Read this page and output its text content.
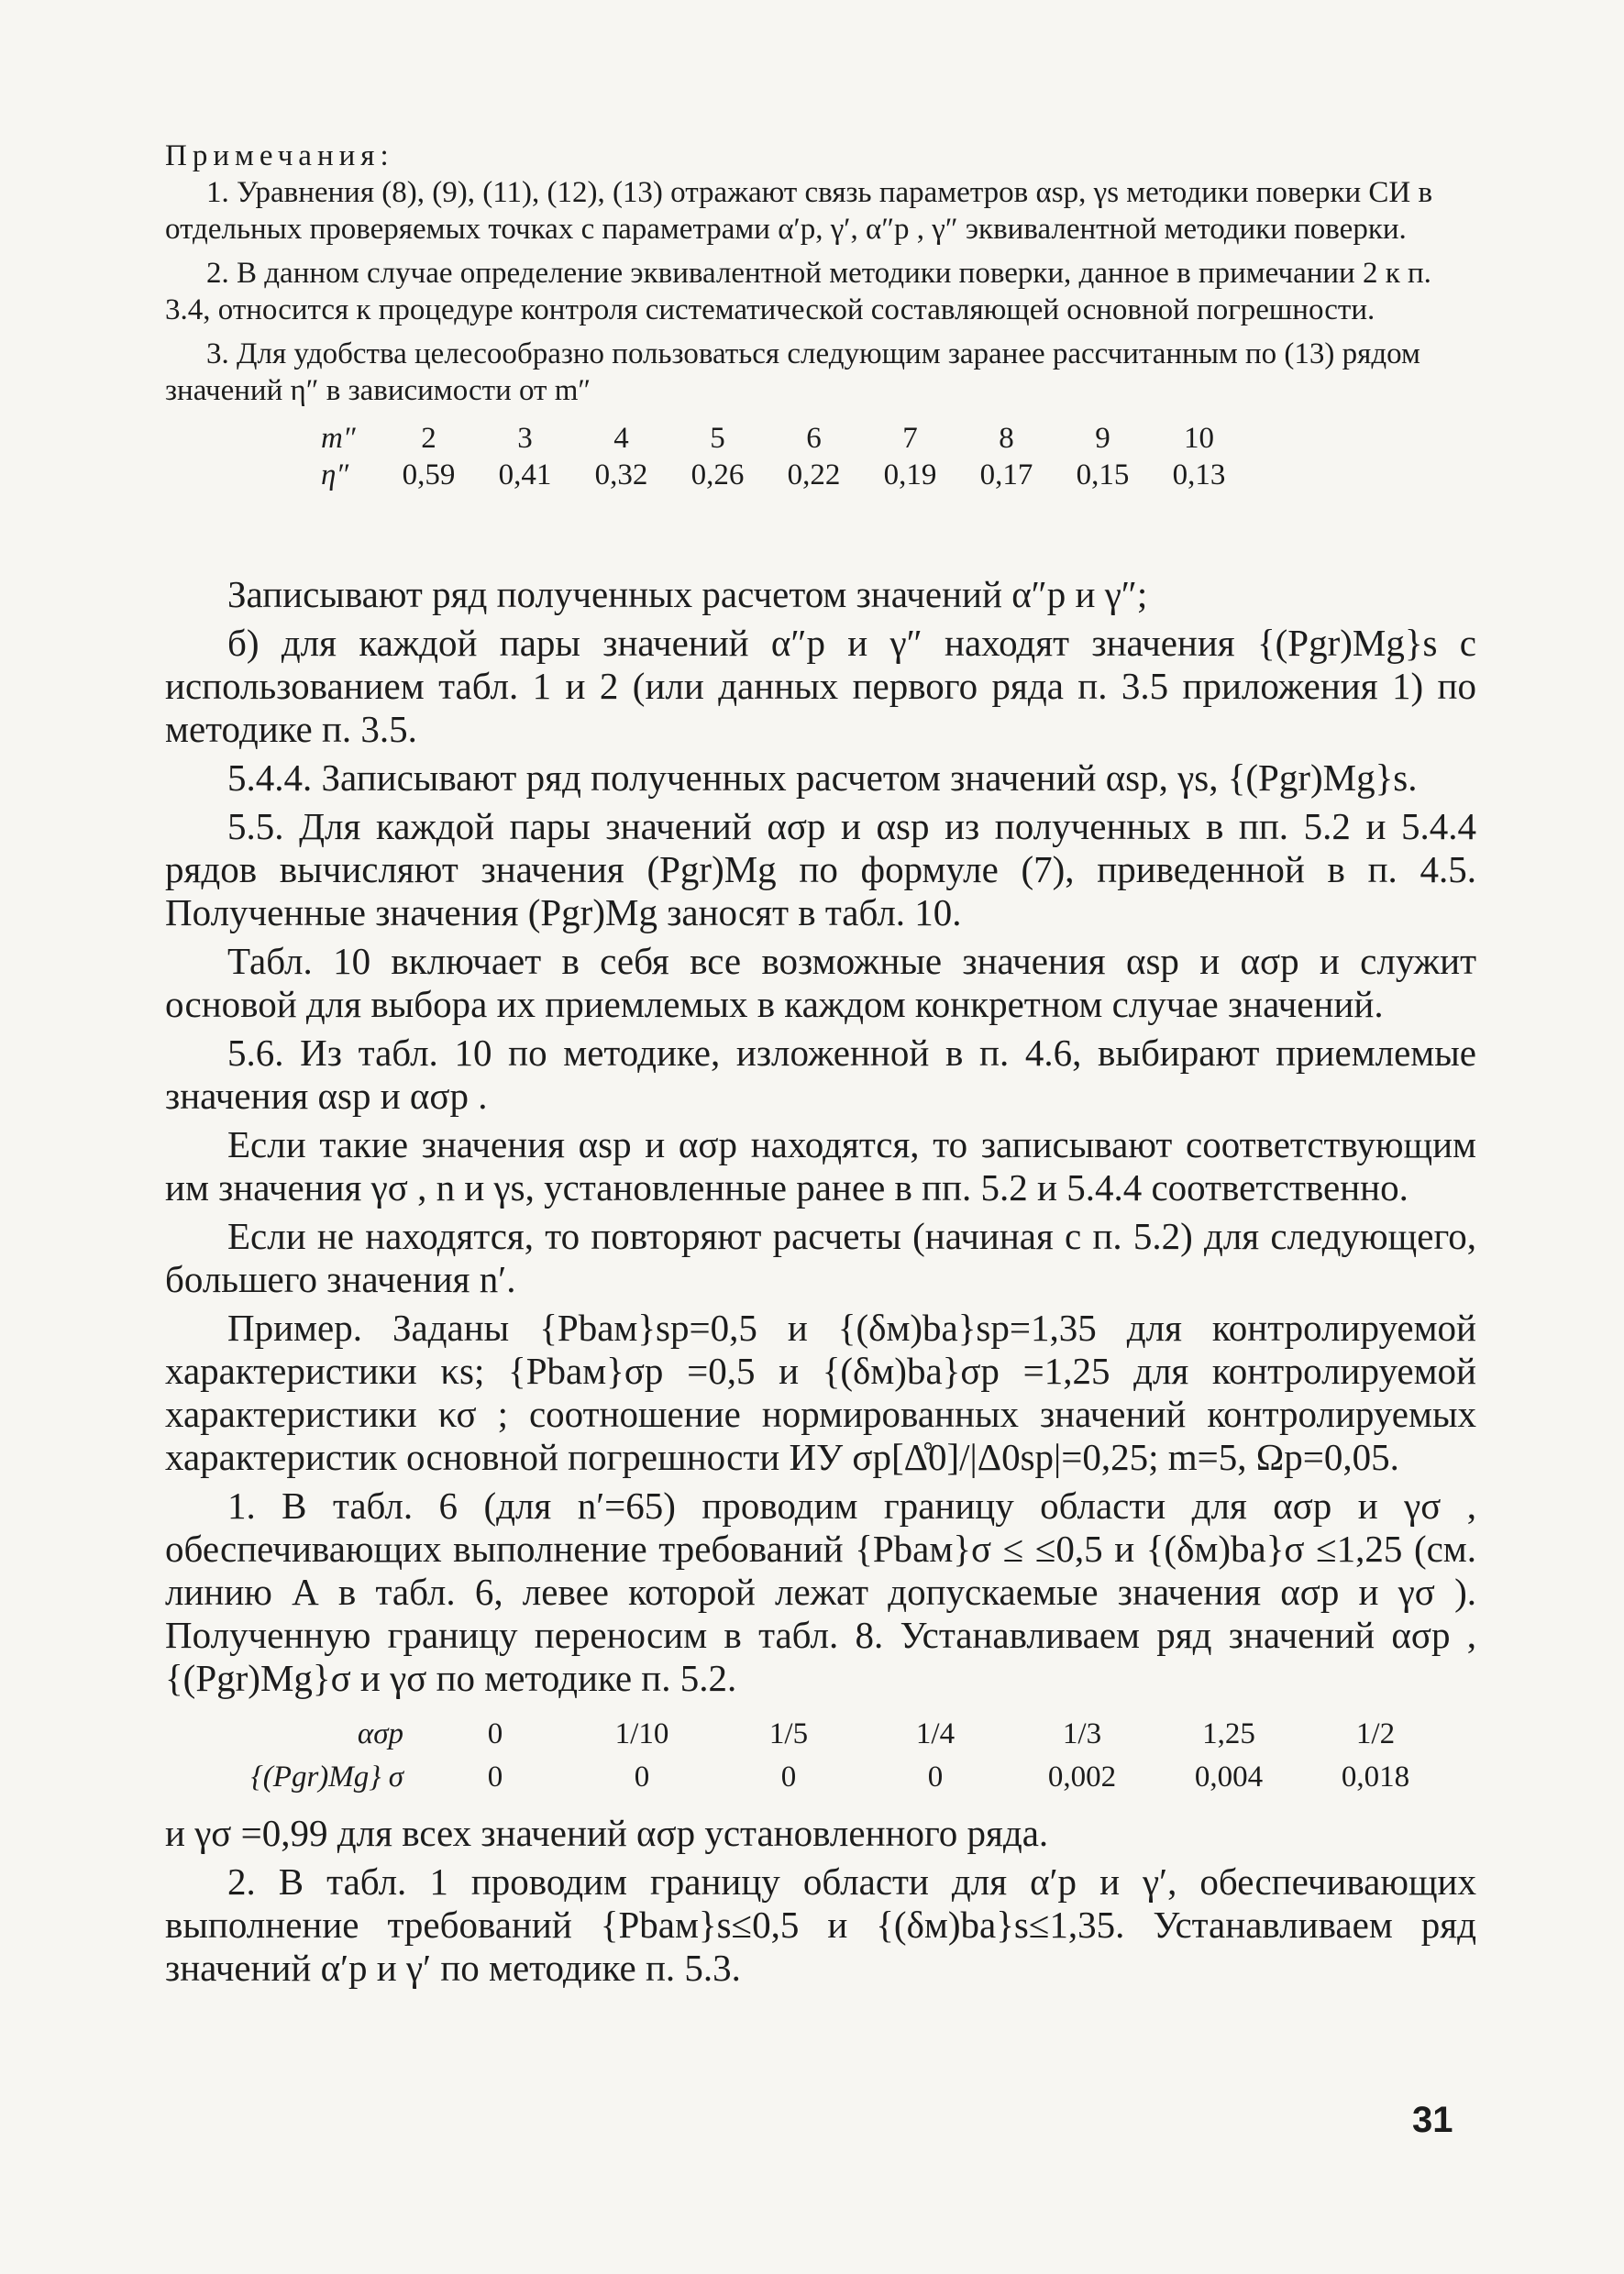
Примечания:

1. Уравнения (8), (9), (11), (12), (13) отражают связь параметров αsp, γs методики поверки СИ в отдельных проверяемых точках с параметрами α′p, γ′, α″p , γ″ эквивалентной методики поверки.

2. В данном случае определение эквивалентной методики поверки, данное в примечании 2 к п. 3.4, относится к процедуре контроля систематической составляющей основной погрешности.

3. Для удобства целесообразно пользоваться следующим заранее рассчитанным по (13) рядом значений η″ в зависимости от m″

m″	2	3	4	5	6	7	8	9	10
η″	0,59	0,41	0,32	0,26	0,22	0,19	0,17	0,15	0,13

Записывают ряд полученных расчетом значений α″p и γ″;

б) для каждой пары значений α″p и γ″ находят значения {(Pgr)Mg}s с использованием табл. 1 и 2 (или данных первого ряда п. 3.5 приложения 1) по методике п. 3.5.

5.4.4. Записывают ряд полученных расчетом значений αsp, γs, {(Pgr)Mg}s.

5.5. Для каждой пары значений ασp и αsp из полученных в пп. 5.2 и 5.4.4 рядов вычисляют значения (Pgr)Mg по формуле (7), приведенной в п. 4.5. Полученные значения (Pgr)Mg заносят в табл. 10.

Табл. 10 включает в себя все возможные значения αsp и ασp и служит основой для выбора их приемлемых в каждом конкретном случае значений.

5.6. Из табл. 10 по методике, изложенной в п. 4.6, выбирают приемлемые значения αsp и ασp .

Если такие значения αsp и ασp находятся, то записывают соответствующим им значения γσ , n и γs, установленные ранее в пп. 5.2 и 5.4.4 соответственно.

Если не находятся, то повторяют расчеты (начиная с п. 5.2) для следующего, большего значения n′.

Пример. Заданы {Pbaм}sp=0,5 и {(δм)ba}sp=1,35 для контролируемой характеристики κs; {Pbaм}σp =0,5 и {(δм)ba}σp =1,25 для контролируемой характеристики κσ ; соотношение нормированных значений контролируемых характеристик основной погрешности ИУ σp[Δ̊0]/|Δ0sp|=0,25; m=5, Ωp=0,05.

1. В табл. 6 (для n′=65) проводим границу области для ασp и γσ , обеспечивающих выполнение требований {Pbaм}σ ≤ ≤0,5 и {(δм)ba}σ ≤1,25 (см. линию А в табл. 6, левее которой лежат допускаемые значения ασp и γσ ). Полученную границу переносим в табл. 8. Устанавливаем ряд значений ασp , {(Pgr)Mg}σ и γσ по методике п. 5.2.

ασp	0	1/10	1/5	1/4	1/3	1,25	1/2
{(Pgr)Mg} σ	0	0	0	0	0,002	0,004	0,018

и γσ =0,99 для всех значений ασp установленного ряда.

2. В табл. 1 проводим границу области для α′p и γ′, обеспечивающих выполнение требований {Pbaм}s≤0,5 и {(δм)ba}s≤1,35. Устанавливаем ряд значений α′p и γ′ по методике п. 5.3.

31
